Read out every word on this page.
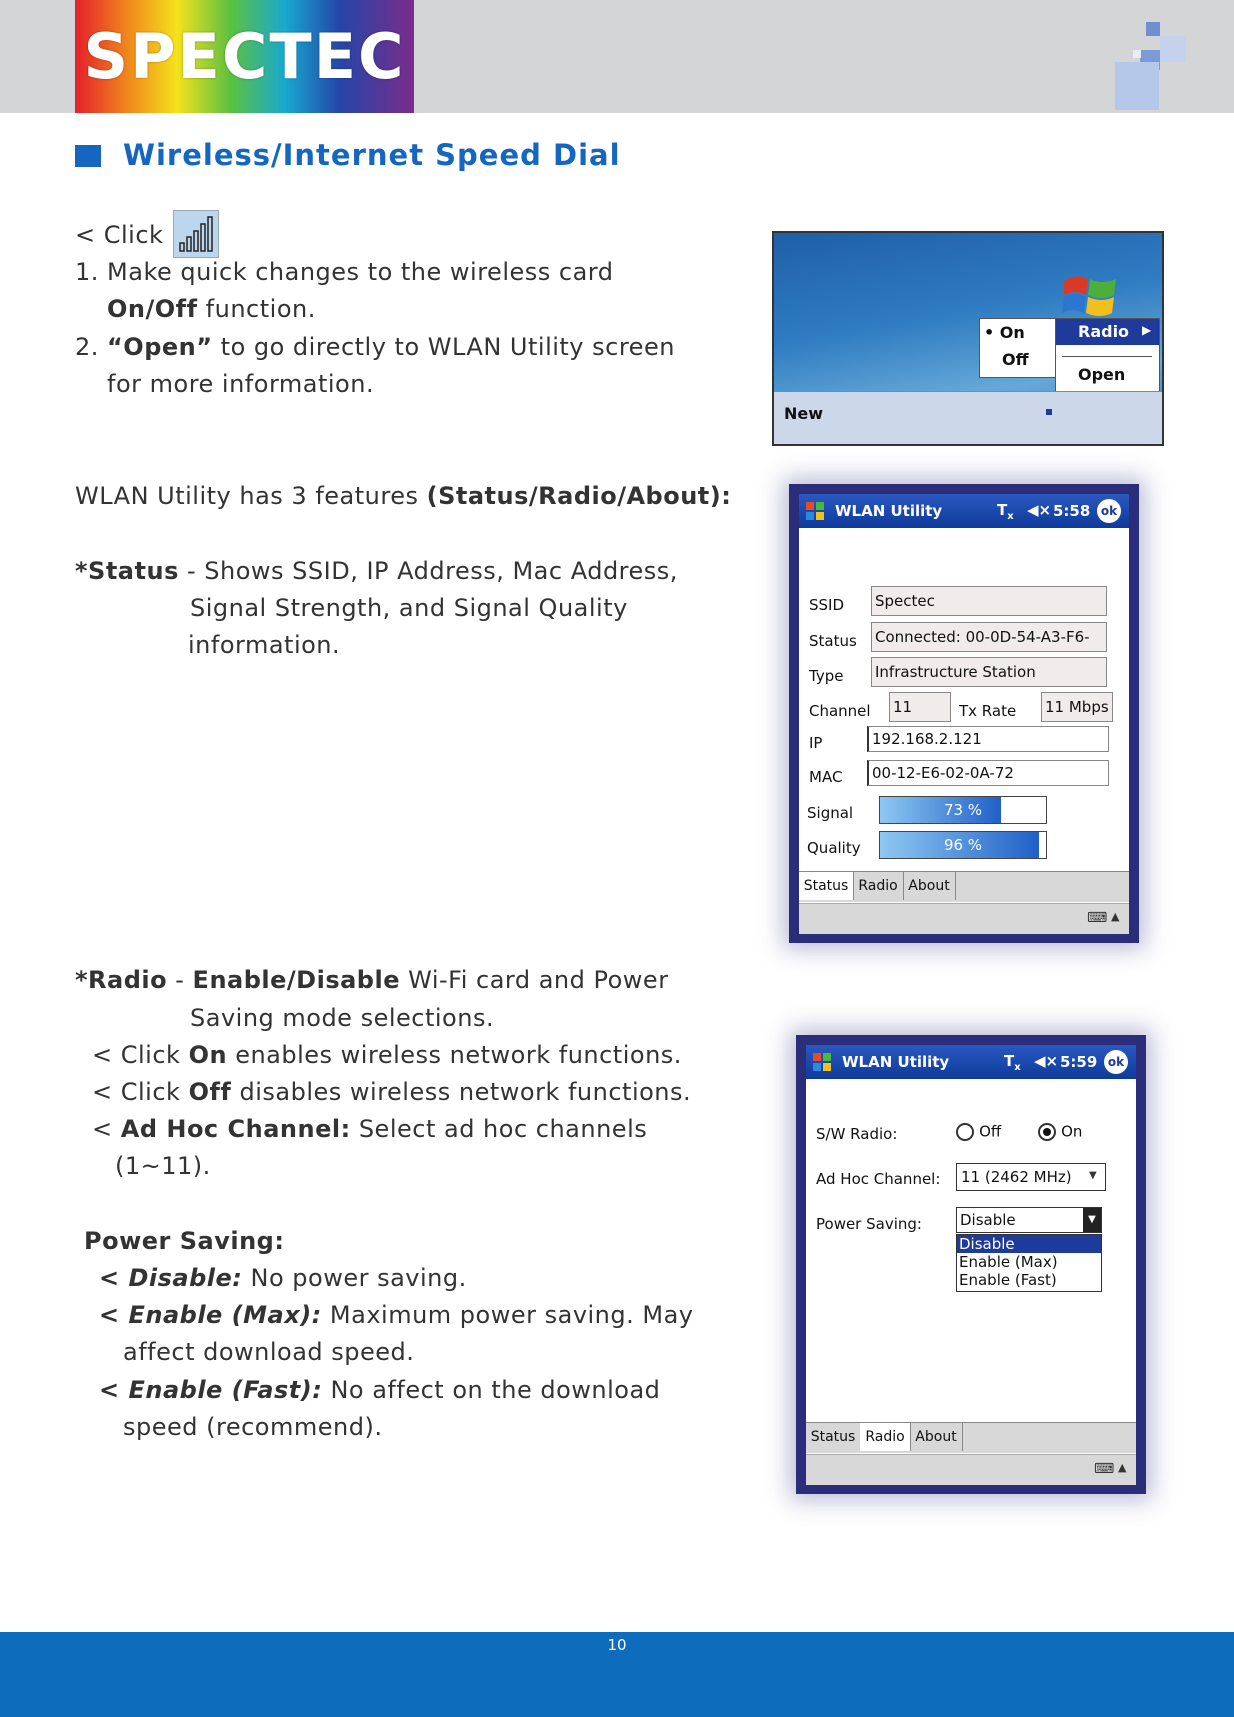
SPECTEC
Wireless/Internet Speed Dial
< Click
1. Make quick changes to the wireless card
On/Off function.
2. “Open” to go directly to WLAN Utility screen
for more information.
• On
Off
Radio ▶
Open
New
WLAN Utility has 3 features (Status/Radio/About):
*Status - Shows SSID, IP Address, Mac Address,
Signal Strength, and Signal Quality
information.
WLAN Utility	$T_x$ ◀× 5:58 ok
SSID Spectec
Status Connected: 00-0D-54-A3-F6-
Type Infrastructure Station
Channel 11	Tx Rate 11 Mbps
IP	192.168.2.121
MAC	00-12-E6-02-0A-72
Signal	73 %
Quality	96 %
Status Radio About
⌨ ▲
*Radio - Enable/Disable Wi-Fi card and Power
Saving mode selections.
< Click On enables wireless network functions.
< Click Off disables wireless network functions.
< Ad Hoc Channel: Select ad hoc channels
(1~11).
Power Saving:
< Disable: No power saving.
< Enable (Max): Maximum power saving. May
affect download speed.
< Enable (Fast): No affect on the download
speed (recommend).
WLAN Utility	$T_x$ ◀× 5:59 ok
S/W Radio:	Off	On
Ad Hoc Channel: 11 (2462 MHz) ▼
Power Saving:	Disable	▼
Disable
Enable (Max)
Enable (Fast)
Status Radio About
⌨ ▲
10
